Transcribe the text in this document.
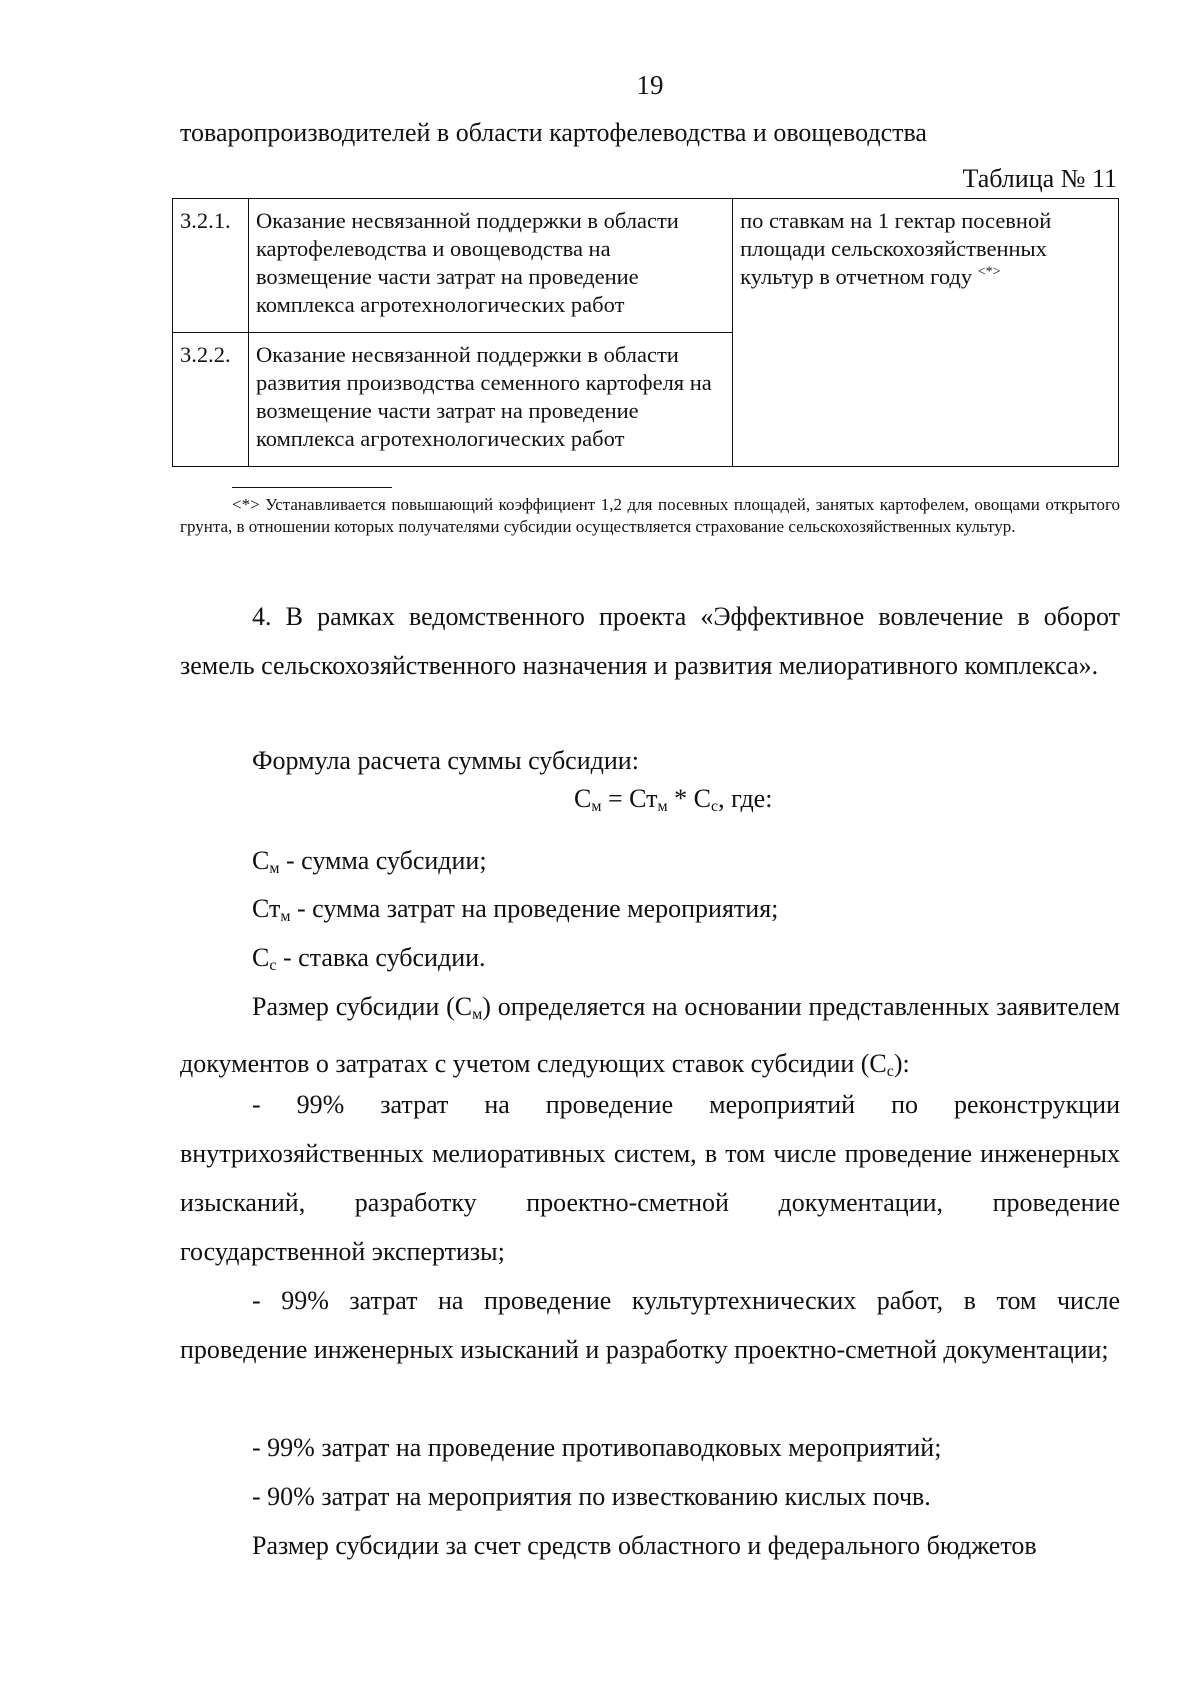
19
товаропроизводителей в области картофелеводства и овощеводства
Таблица № 11
3.2.1.	Оказание несвязанной поддержки в области картофелеводства и овощеводства на возмещение части затрат на проведение комплекса агротехнологических работ	по ставкам на 1 гектар посевной площади сельскохозяйственных культур в отчетном году <*>
3.2.2.	Оказание несвязанной поддержки в области развития производства семенного картофеля на возмещение части затрат на проведение комплекса агротехнологических работ	
<*> Устанавливается повышающий коэффициент 1,2 для посевных площадей, занятых картофелем, овощами открытого грунта, в отношении которых получателями субсидии осуществляется страхование сельскохозяйственных культур.

4. В рамках ведомственного проекта «Эффективное вовлечение в оборот земель сельскохозяйственного назначения и развития мелиоративного комплекса».

Формула расчета суммы субсидии:

$С_м = Ст_м * С_с$, где:

$С_м$ - сумма субсидии;

$Ст_м$ - сумма затрат на проведение мероприятия;

$С_с$ - ставка субсидии.

Размер субсидии $(С_м)$ определяется на основании представленных заявителем документов о затратах с учетом следующих ставок субсидии $(С_с)$:

- 99% затрат на проведение мероприятий по реконструкции внутрихозяйственных мелиоративных систем, в том числе проведение инженерных изысканий, разработку проектно-сметной документации, проведение государственной экспертизы;

- 99% затрат на проведение культуртехнических работ, в том числе проведение инженерных изысканий и разработку проектно-сметной документации;

- 99% затрат на проведение противопаводковых мероприятий;

- 90% затрат на мероприятия по известкованию кислых почв.

Размер субсидии за счет средств областного и федерального бюджетов
